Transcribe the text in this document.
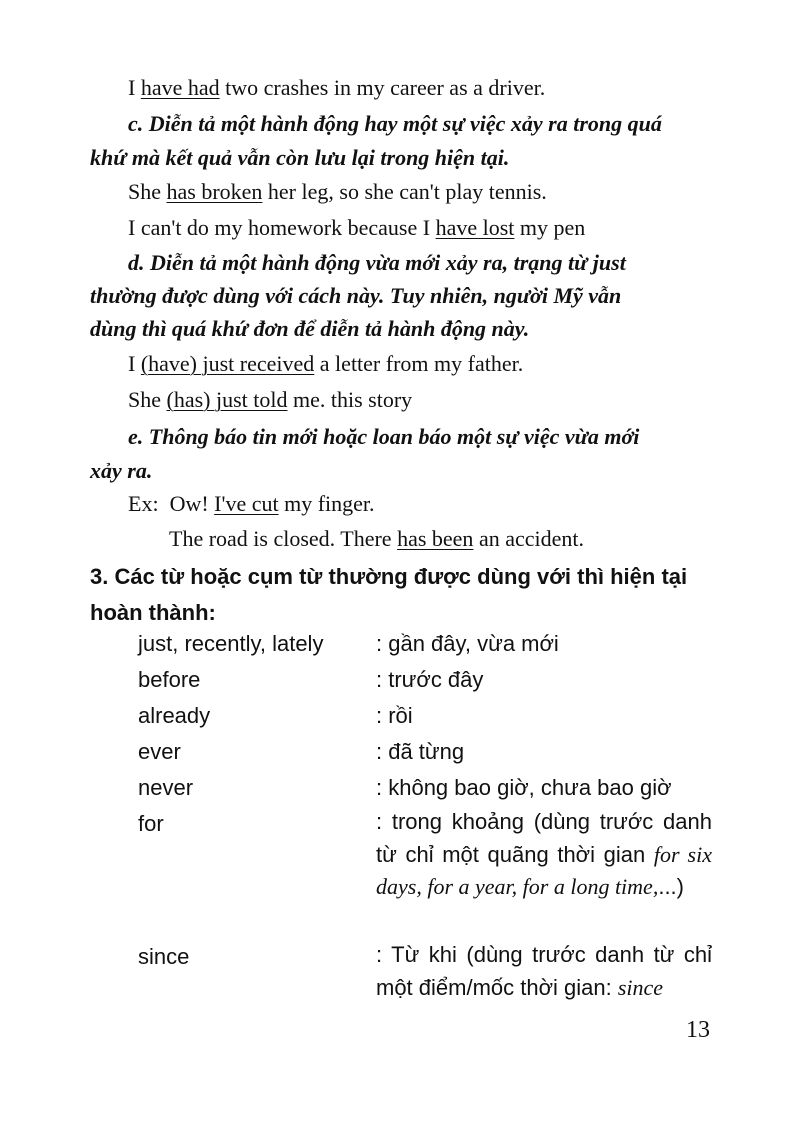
I have had two crashes in my career as a driver.
c. Diễn tả một hành động hay một sự việc xảy ra trong quá
khứ mà kết quả vẫn còn lưu lại trong hiện tại.
She has broken her leg, so she can't play tennis.
I can't do my homework because I have lost my pen
d. Diễn tả một hành động vừa mới xảy ra, trạng từ just
thường được dùng với cách này. Tuy nhiên, người Mỹ vẫn
dùng thì quá khứ đơn để diễn tả hành động này.
I (have) just received a letter from my father.
She (has) just told me. this story
e. Thông báo tin mới hoặc loan báo một sự việc vừa mới
xảy ra.
Ex: Ow! I've cut my finger.
The road is closed. There has been an accident.
3. Các từ hoặc cụm từ thường được dùng với thì hiện tại
hoàn thành:
just, recently, lately : gần đây, vừa mới
before	: trước đây
already	: rồi
ever	: đã từng
never	: không bao giờ, chưa bao giờ
for	: trong khoảng (dùng trước danh từ chỉ một quãng thời gian for six days, for a year, for a long time,...)
since	: Từ khi (dùng trước danh từ chỉ một điểm/mốc thời gian: since
13
